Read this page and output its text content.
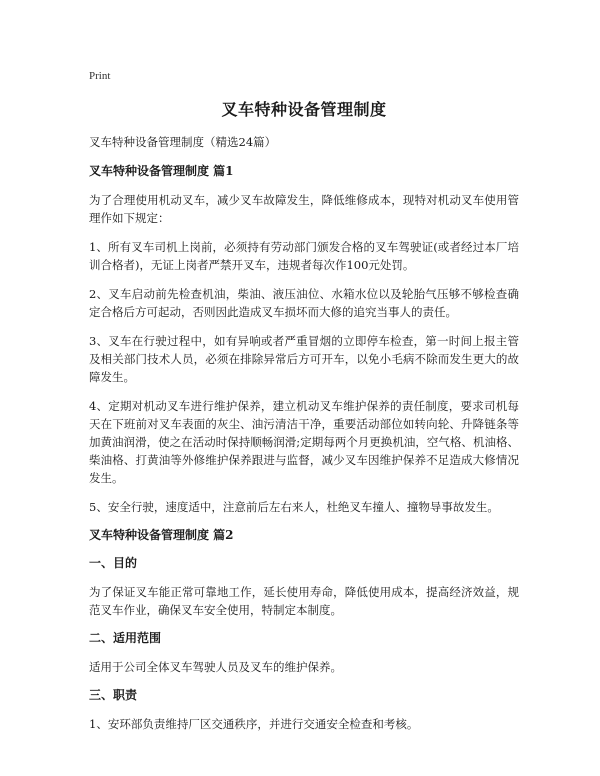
Print
叉车特种设备管理制度
叉车特种设备管理制度（精选24篇）
叉车特种设备管理制度 篇1
为了合理使用机动叉车，减少叉车故障发生，降低维修成本，现特对机动叉车使用管理作如下规定：
1、所有叉车司机上岗前，必须持有劳动部门颁发合格的叉车驾驶证(或者经过本厂培训合格者)，无证上岗者严禁开叉车，违规者每次作100元处罚。
2、叉车启动前先检查机油，柴油、液压油位、水箱水位以及轮胎气压够不够检查确定合格后方可起动，否则因此造成叉车损坏而大修的追究当事人的责任。
3、叉车在行驶过程中，如有异响或者严重冒烟的立即停车检查，第一时间上报主管及相关部门技术人员，必须在排除异常后方可开车，以免小毛病不除而发生更大的故障发生。
4、定期对机动叉车进行维护保养，建立机动叉车维护保养的责任制度，要求司机每天在下班前对叉车表面的灰尘、油污清洁干净，重要活动部位如转向轮、升降链条等加黄油润滑，使之在活动时保持顺畅润滑;定期每两个月更换机油，空气格、机油格、柴油格、打黄油等外修维护保养跟进与监督，减少叉车因维护保养不足造成大修情况发生。
5、安全行驶，速度适中，注意前后左右来人，杜绝叉车撞人、撞物导事故发生。
叉车特种设备管理制度 篇2
一、目的
为了保证叉车能正常可靠地工作，延长使用寿命，降低使用成本，提高经济效益，规范叉车作业，确保叉车安全使用，特制定本制度。
二、适用范围
适用于公司全体叉车驾驶人员及叉车的维护保养。
三、职责
1、安环部负责维持厂区交通秩序，并进行交通安全检查和考核。
